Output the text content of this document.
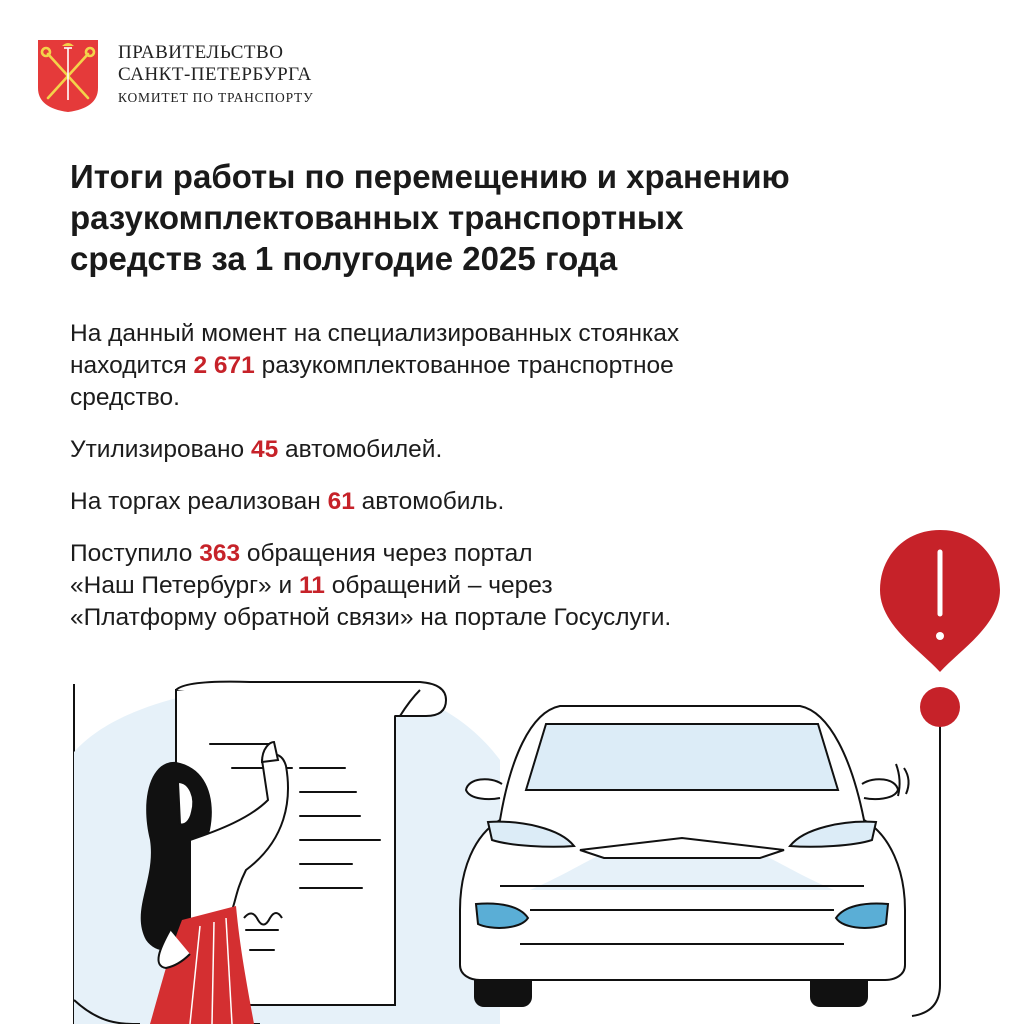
ПРАВИТЕЛЬСТВО
САНКТ-ПЕТЕРБУРГА
КОМИТЕТ ПО ТРАНСПОРТУ
Итоги работы по перемещению и хранению
разукомплектованных транспортных
средств за 1 полугодие 2025 года

На данный момент на специализированных стоянках
находится 2 671 разукомплектованное транспортное
средство.

Утилизировано 45 автомобилей.

На торгах реализован 61 автомобиль.

Поступило 363 обращения через портал
«Наш Петербург» и 11 обращений – через
«Платформу обратной связи» на портале Госуслуги.
